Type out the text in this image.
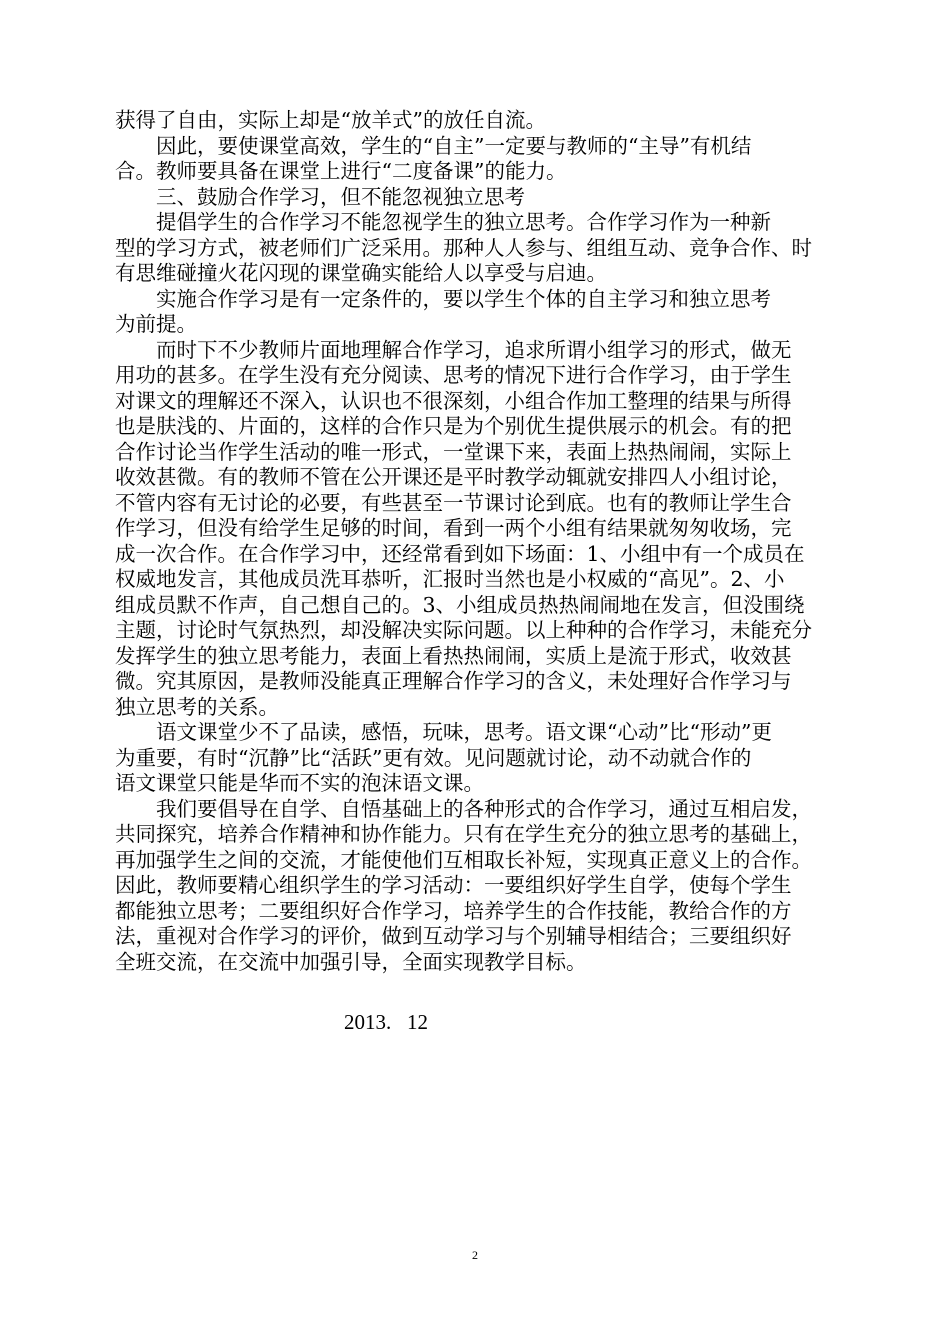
获得了自由，实际上却是“放羊式”的放任自流。

因此，要使课堂高效，学生的“自主”一定要与教师的“主导”有机结
合。教师要具备在课堂上进行“二度备课”的能力。

三、鼓励合作学习，但不能忽视独立思考

提倡学生的合作学习不能忽视学生的独立思考。合作学习作为一种新
型的学习方式，被老师们广泛采用。那种人人参与、组组互动、竞争合作、时
有思维碰撞火花闪现的课堂确实能给人以享受与启迪。

实施合作学习是有一定条件的，要以学生个体的自主学习和独立思考
为前提。

而时下不少教师片面地理解合作学习，追求所谓小组学习的形式，做无
用功的甚多。在学生没有充分阅读、思考的情况下进行合作学习，由于学生
对课文的理解还不深入，认识也不很深刻，小组合作加工整理的结果与所得
也是肤浅的、片面的，这样的合作只是为个别优生提供展示的机会。有的把
合作讨论当作学生活动的唯一形式，一堂课下来，表面上热热闹闹，实际上
收效甚微。有的教师不管在公开课还是平时教学动辄就安排四人小组讨论，
不管内容有无讨论的必要，有些甚至一节课讨论到底。也有的教师让学生合
作学习，但没有给学生足够的时间，看到一两个小组有结果就匆匆收场，完
成一次合作。在合作学习中，还经常看到如下场面：1、小组中有一个成员在
权威地发言，其他成员洗耳恭听，汇报时当然也是小权威的“高见”。2、小
组成员默不作声，自己想自己的。3、小组成员热热闹闹地在发言，但没围绕
主题，讨论时气氛热烈，却没解决实际问题。以上种种的合作学习，未能充分
发挥学生的独立思考能力，表面上看热热闹闹，实质上是流于形式，收效甚
微。究其原因，是教师没能真正理解合作学习的含义，未处理好合作学习与
独立思考的关系。

语文课堂少不了品读，感悟，玩味，思考。语文课“心动”比“形动”更
为重要，有时“沉静”比“活跃”更有效。见问题就讨论，动不动就合作的
语文课堂只能是华而不实的泡沫语文课。

我们要倡导在自学、自悟基础上的各种形式的合作学习，通过互相启发，
共同探究，培养合作精神和协作能力。只有在学生充分的独立思考的基础上，
再加强学生之间的交流，才能使他们互相取长补短，实现真正意义上的合作。
因此，教师要精心组织学生的学习活动：一要组织好学生自学，使每个学生
都能独立思考；二要组织好合作学习，培养学生的合作技能，教给合作的方
法，重视对合作学习的评价，做到互动学习与个别辅导相结合；三要组织好
全班交流，在交流中加强引导，全面实现教学目标。

2013.   12
2
